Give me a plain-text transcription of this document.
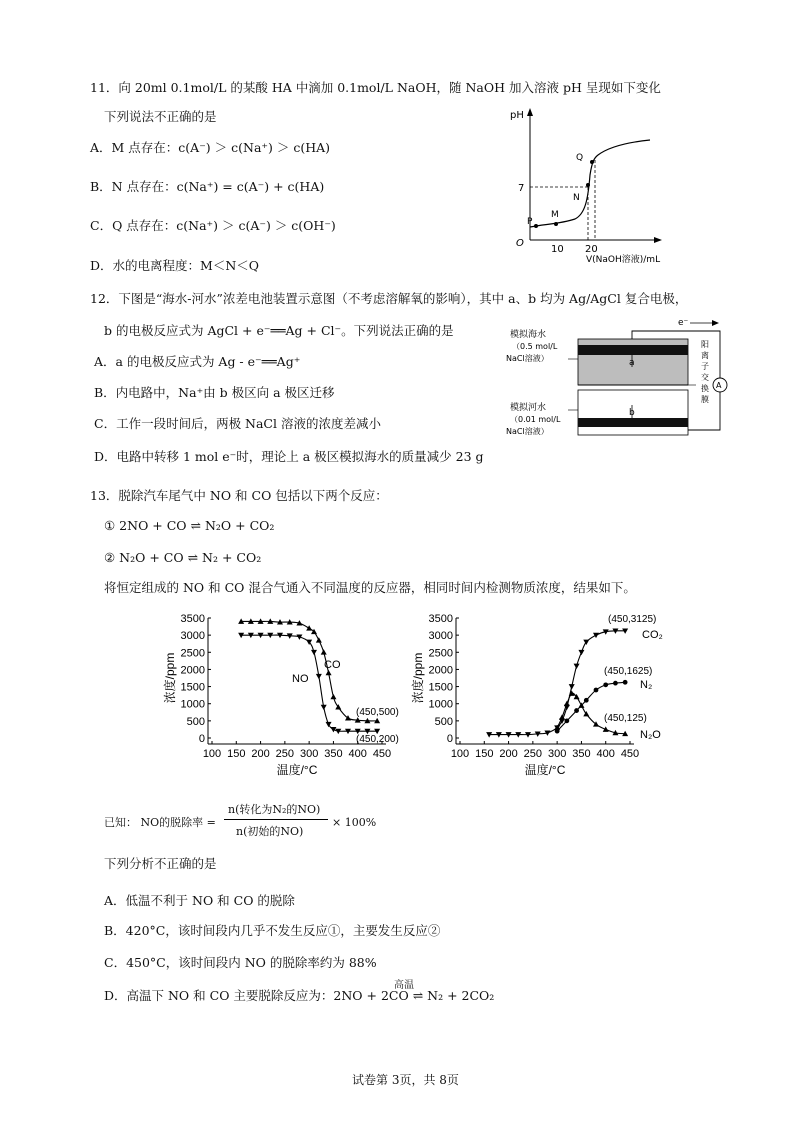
11．向 20ml 0.1mol/L 的某酸 HA 中滴加 0.1mol/L NaOH，随 NaOH 加入溶液 pH 呈现如下变化
下列说法不正确的是
A．M 点存在：c(A⁻) ＞ c(Na⁺) ＞ c(HA)
B．N 点存在：c(Na⁺) = c(A⁻) + c(HA)
C．Q 点存在：c(Na⁺) ＞ c(A⁻) ＞ c(OH⁻)
D．水的电离程度：M＜N＜Q
pH
O
7
10 20
V(NaOH溶液)/mL
P
M
N
Q
12．下图是“海水-河水”浓差电池装置示意图（不考虑溶解氧的影响），其中 a、b 均为 Ag/AgCl 复合电极，
b 的电极反应式为 AgCl + e⁻══Ag + Cl⁻。下列说法正确的是
A．a 的电极反应式为 Ag - e⁻══Ag⁺
B．内电路中，Na⁺由 b 极区向 a 极区迁移
C．工作一段时间后，两极 NaCl 溶液的浓度差减小
D．电路中转移 1 mol e⁻时，理论上 a 极区模拟海水的质量减少 23 g
e⁻
A
a
b
模拟海水
（0.5 mol/L
NaCl溶液）
模拟河水
（0.01 mol/L
NaCl溶液）
阳
离
子
交
换
膜
13．脱除汽车尾气中 NO 和 CO 包括以下两个反应：
① 2NO + CO ⇌ N₂O + CO₂
② N₂O + CO ⇌ N₂ + CO₂
将恒定组成的 NO 和 CO 混合气通入不同温度的反应器，相同时间内检测物质浓度，结果如下。
0
500
1000
1500
2000
2500
3000
3500
100 150 200 250 300 350 400 450
温度/°C
浓度/ppm	CO
NO
(450,500)
(450,200)	0
500
1000
1500
2000
2500
3000
3500
100 150 200 250 300 350 400 450
温度/°C
浓度/ppm
CO₂
N₂
N₂O
(450,3125)
(450,1625)
(450,125)
已知： NO的脱除率 =
n(转化为N₂的NO)
n(初始的NO)
× 100%
下列分析不正确的是
A．低温不利于 NO 和 CO 的脱除
B．420°C，该时间段内几乎不发生反应①，主要发生反应②
C．450°C，该时间段内 NO 的脱除率约为 88%
高温
D．高温下 NO 和 CO 主要脱除反应为：2NO + 2CO ⇌ N₂ + 2CO₂
试卷第 3页，共 8页
